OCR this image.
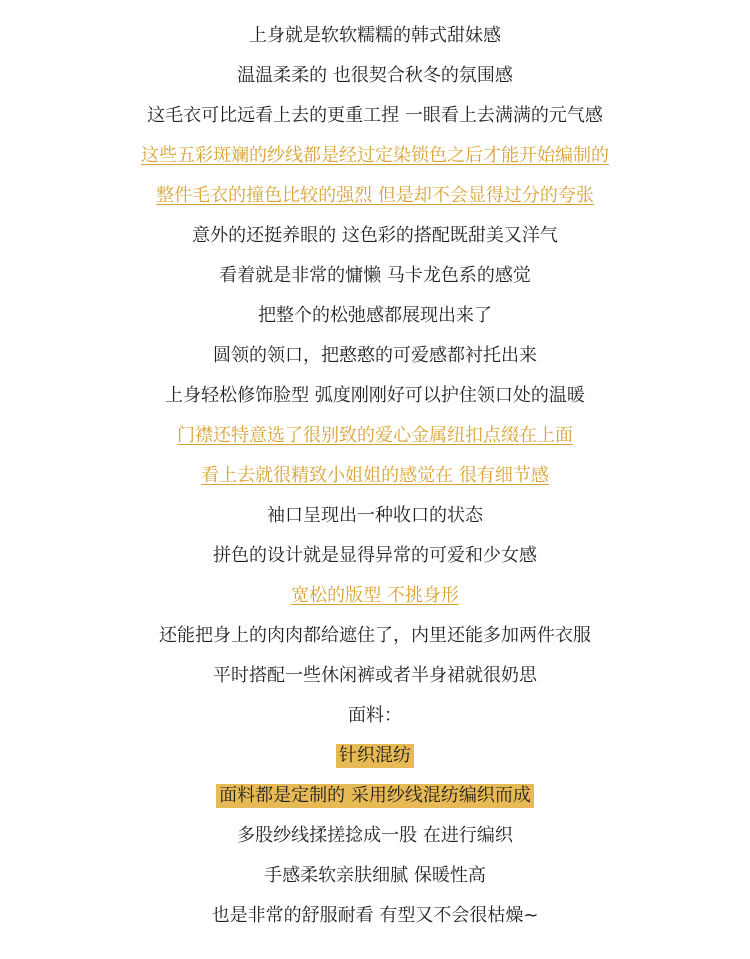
上身就是软软糯糯的韩式甜妹感
温温柔柔的 也很契合秋冬的氛围感
这毛衣可比远看上去的更重工捏 一眼看上去满满的元气感
这些五彩斑斓的纱线都是经过定染锁色之后才能开始编制的
整件毛衣的撞色比较的强烈 但是却不会显得过分的夸张
意外的还挺养眼的 这色彩的搭配既甜美又洋气
看着就是非常的慵懒 马卡龙色系的感觉
把整个的松弛感都展现出来了
圆领的领口，把憨憨的可爱感都衬托出来
上身轻松修饰脸型 弧度刚刚好可以护住领口处的温暖
门襟还特意选了很别致的爱心金属纽扣点缀在上面
看上去就很精致小姐姐的感觉在 很有细节感
袖口呈现出一种收口的状态
拼色的设计就是显得异常的可爱和少女感
宽松的版型 不挑身形
还能把身上的肉肉都给遮住了，内里还能多加两件衣服
平时搭配一些休闲裤或者半身裙就很奶思
面料：
针织混纺
面料都是定制的 采用纱线混纺编织而成
多股纱线揉搓捻成一股 在进行编织
手感柔软亲肤细腻 保暖性高
也是非常的舒服耐看 有型又不会很枯燥~
